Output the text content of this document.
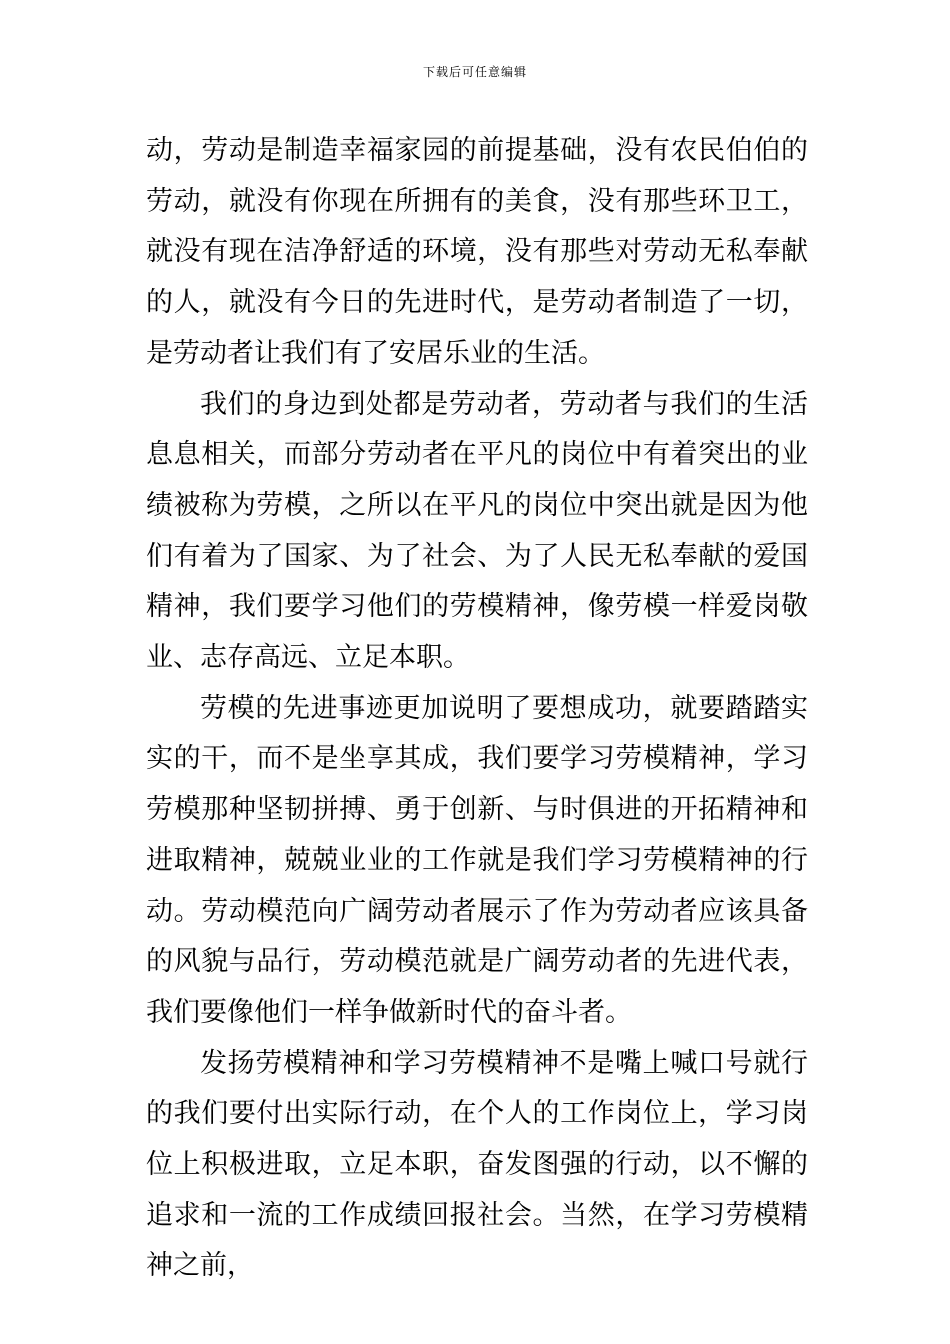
下载后可任意编辑

动，劳动是制造幸福家园的前提基础，没有农民伯伯的劳动，就没有你现在所拥有的美食，没有那些环卫工，就没有现在洁净舒适的环境，没有那些对劳动无私奉献的人，就没有今日的先进时代，是劳动者制造了一切，是劳动者让我们有了安居乐业的生活。

我们的身边到处都是劳动者，劳动者与我们的生活息息相关，而部分劳动者在平凡的岗位中有着突出的业绩被称为劳模，之所以在平凡的岗位中突出就是因为他们有着为了国家、为了社会、为了人民无私奉献的爱国精神，我们要学习他们的劳模精神，像劳模一样爱岗敬业、志存高远、立足本职。

劳模的先进事迹更加说明了要想成功，就要踏踏实实的干，而不是坐享其成，我们要学习劳模精神，学习劳模那种坚韧拼搏、勇于创新、与时俱进的开拓精神和进取精神，兢兢业业的工作就是我们学习劳模精神的行动。劳动模范向广阔劳动者展示了作为劳动者应该具备的风貌与品行，劳动模范就是广阔劳动者的先进代表，我们要像他们一样争做新时代的奋斗者。

发扬劳模精神和学习劳模精神不是嘴上喊口号就行的我们要付出实际行动，在个人的工作岗位上，学习岗位上积极进取，立足本职，奋发图强的行动，以不懈的追求和一流的工作成绩回报社会。当然，在学习劳模精神之前，
